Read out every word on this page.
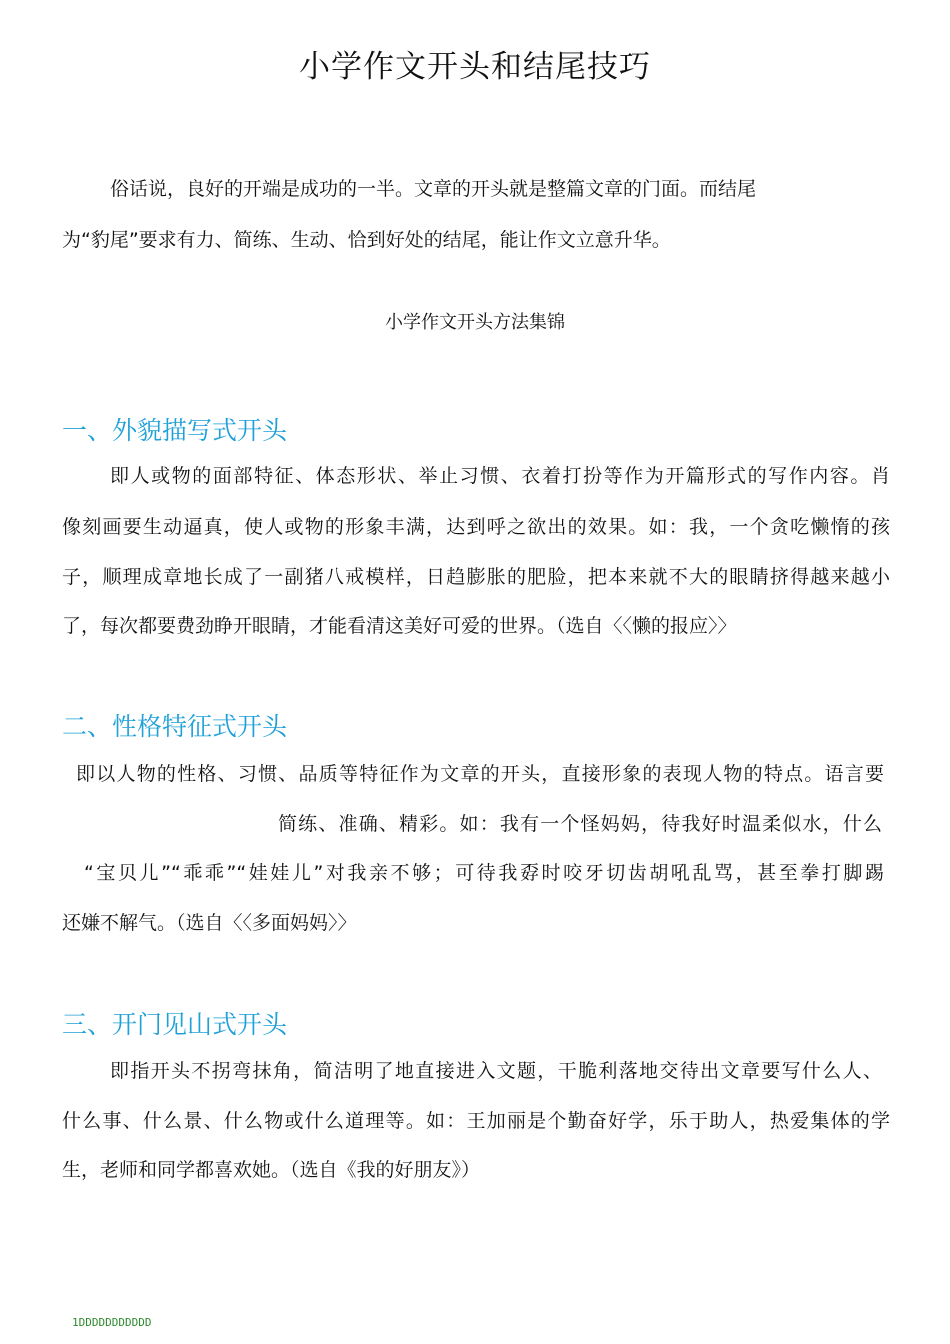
小学作文开头和结尾技巧
俗话说，良好的开端是成功的一半。文章的开头就是整篇文章的门面。而结尾
为“豹尾”要求有力、简练、生动、恰到好处的结尾，能让作文立意升华。
小学作文开头方法集锦
一、外貌描写式开头
即人或物的面部特征、体态形状、举止习惯、衣着打扮等作为开篇形式的写作内容。肖
像刻画要生动逼真，使人或物的形象丰满，达到呼之欲出的效果。如：我，一个贪吃懒惰的孩
子，顺理成章地长成了一副猪八戒模样，日趋膨胀的肥脸，把本来就不大的眼睛挤得越来越小
了，每次都要费劲睁开眼睛，才能看清这美好可爱的世界。（选自〈〈懒的报应〉〉
二、性格特征式开头
即以人物的性格、习惯、品质等特征作为文章的开头，直接形象的表现人物的特点。语言要
简练、准确、精彩。如：我有一个怪妈妈，待我好时温柔似水，什么
“宝贝儿”“乖乖”“娃娃儿”对我亲不够；可待我孬时咬牙切齿胡吼乱骂，甚至拳打脚踢
还嫌不解气。（选自〈〈多面妈妈〉〉
三、开门见山式开头
即指开头不拐弯抹角，简洁明了地直接进入文题，干脆利落地交待出文章要写什么人、
什么事、什么景、什么物或什么道理等。如：王加丽是个勤奋好学，乐于助人，热爱集体的学
生，老师和同学都喜欢她。（选自《我的好朋友》）
1DDDDDDDDDDD
